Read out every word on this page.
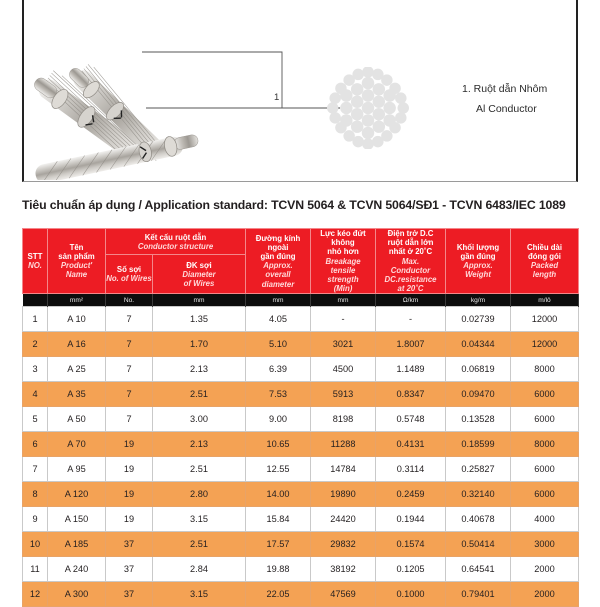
1
1. Ruột dẫn Nhôm
Al Conductor
Tiêu chuẩn áp dụng / Application standard: TCVN 5064 & TCVN 5064/SĐ1 - TCVN 6483/IEC 1089
STT
NO.

Tên
sản phẩm
Product'
Name

Kết cấu ruột dẫn
Conductor structure

Đường kính
ngoài
gần đúng
Approx.
overall
diameter

Lực kéo đứt
không
nhỏ hơn
Breakage
tensile
strength
(Min)

Điện trở D.C
ruột dẫn lớn
nhất ở 20˚C
Max.
Conductor
DC.resistance
at 20˚C

Khối lượng
gần đúng
Approx.
Weight

Chiều dài
đóng gói
Packed
length

		Số sợi
No. of Wires	ĐK sợi
Diameter
of Wires					

	mm²	No.	mm	mm	mm	Ω/km	kg/m	m/lô
1	A 10	7	1.35	4.05	-	-	0.02739	12000
2	A 16	7	1.70	5.10	3021	1.8007	0.04344	12000
3	A 25	7	2.13	6.39	4500	1.1489	0.06819	8000
4	A 35	7	2.51	7.53	5913	0.8347	0.09470	6000
5	A 50	7	3.00	9.00	8198	0.5748	0.13528	6000
6	A 70	19	2.13	10.65	11288	0.4131	0.18599	8000
7	A 95	19	2.51	12.55	14784	0.3114	0.25827	6000
8	A 120	19	2.80	14.00	19890	0.2459	0.32140	6000
9	A 150	19	3.15	15.84	24420	0.1944	0.40678	4000
10	A 185	37	2.51	17.57	29832	0.1574	0.50414	3000
11	A 240	37	2.84	19.88	38192	0.1205	0.64541	2000
12	A 300	37	3.15	22.05	47569	0.1000	0.79401	2000
